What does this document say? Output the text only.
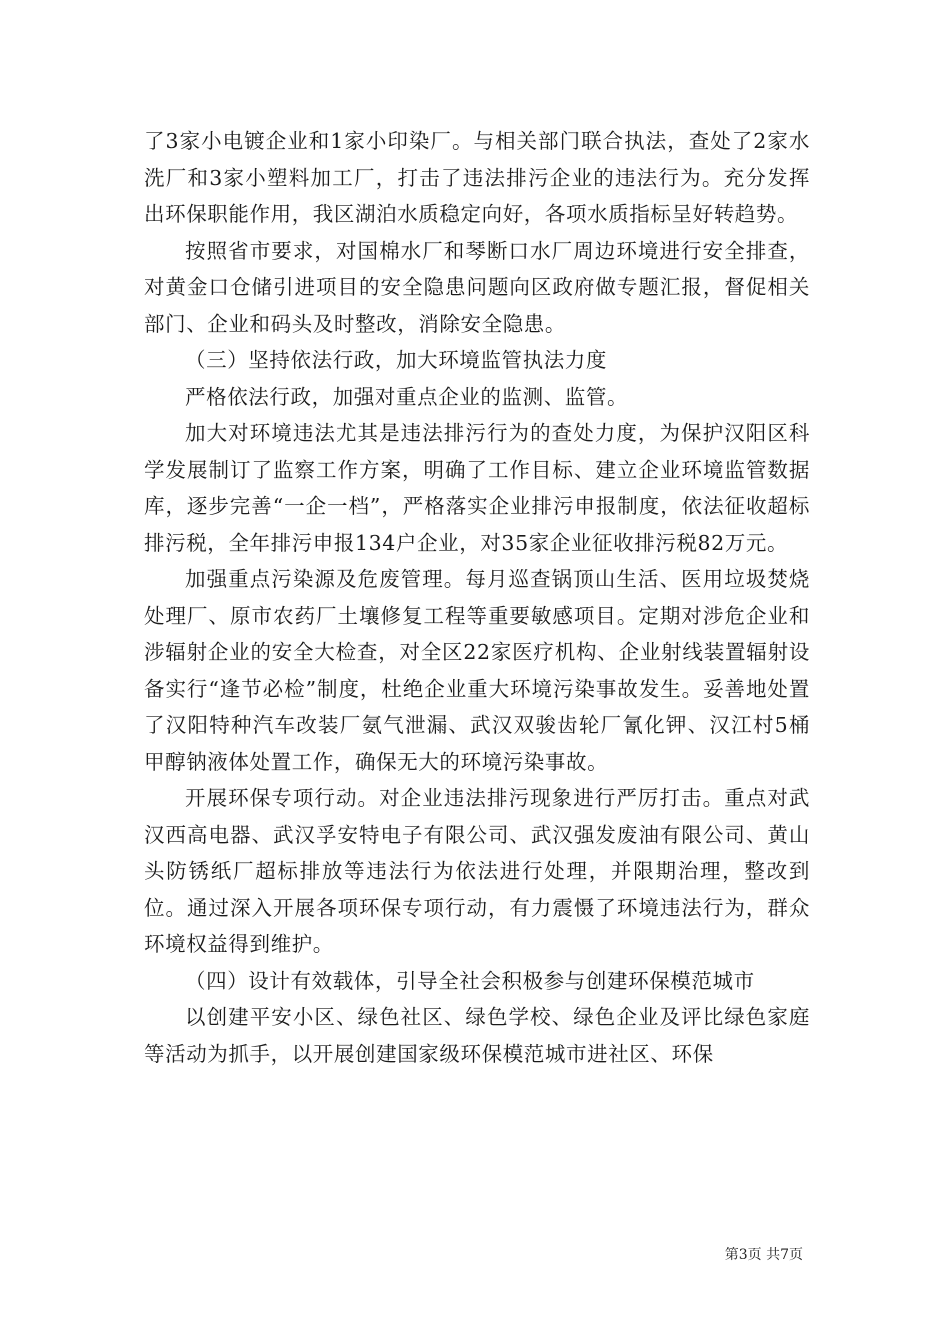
了3家小电镀企业和1家小印染厂。与相关部门联合执法，查处了2家水洗厂和3家小塑料加工厂，打击了违法排污企业的违法行为。充分发挥出环保职能作用，我区湖泊水质稳定向好，各项水质指标呈好转趋势。

按照省市要求，对国棉水厂和琴断口水厂周边环境进行安全排查，对黄金口仓储引进项目的安全隐患问题向区政府做专题汇报，督促相关部门、企业和码头及时整改，消除安全隐患。

（三）坚持依法行政，加大环境监管执法力度

严格依法行政，加强对重点企业的监测、监管。

加大对环境违法尤其是违法排污行为的查处力度，为保护汉阳区科学发展制订了监察工作方案，明确了工作目标、建立企业环境监管数据库，逐步完善“一企一档”，严格落实企业排污申报制度，依法征收超标排污税，全年排污申报134户企业，对35家企业征收排污税82万元。

加强重点污染源及危废管理。每月巡查锅顶山生活、医用垃圾焚烧处理厂、原市农药厂土壤修复工程等重要敏感项目。定期对涉危企业和涉辐射企业的安全大检查，对全区22家医疗机构、企业射线装置辐射设备实行“逢节必检”制度，杜绝企业重大环境污染事故发生。妥善地处置了汉阳特种汽车改装厂氨气泄漏、武汉双骏齿轮厂氰化钾、汉江村5桶甲醇钠液体处置工作，确保无大的环境污染事故。

开展环保专项行动。对企业违法排污现象进行严厉打击。重点对武汉西高电器、武汉孚安特电子有限公司、武汉强发废油有限公司、黄山头防锈纸厂超标排放等违法行为依法进行处理，并限期治理，整改到位。通过深入开展各项环保专项行动，有力震慑了环境违法行为，群众环境权益得到维护。

（四）设计有效载体，引导全社会积极参与创建环保模范城市

以创建平安小区、绿色社区、绿色学校、绿色企业及评比绿色家庭等活动为抓手，以开展创建国家级环保模范城市进社区、环保

第3页 共7页
